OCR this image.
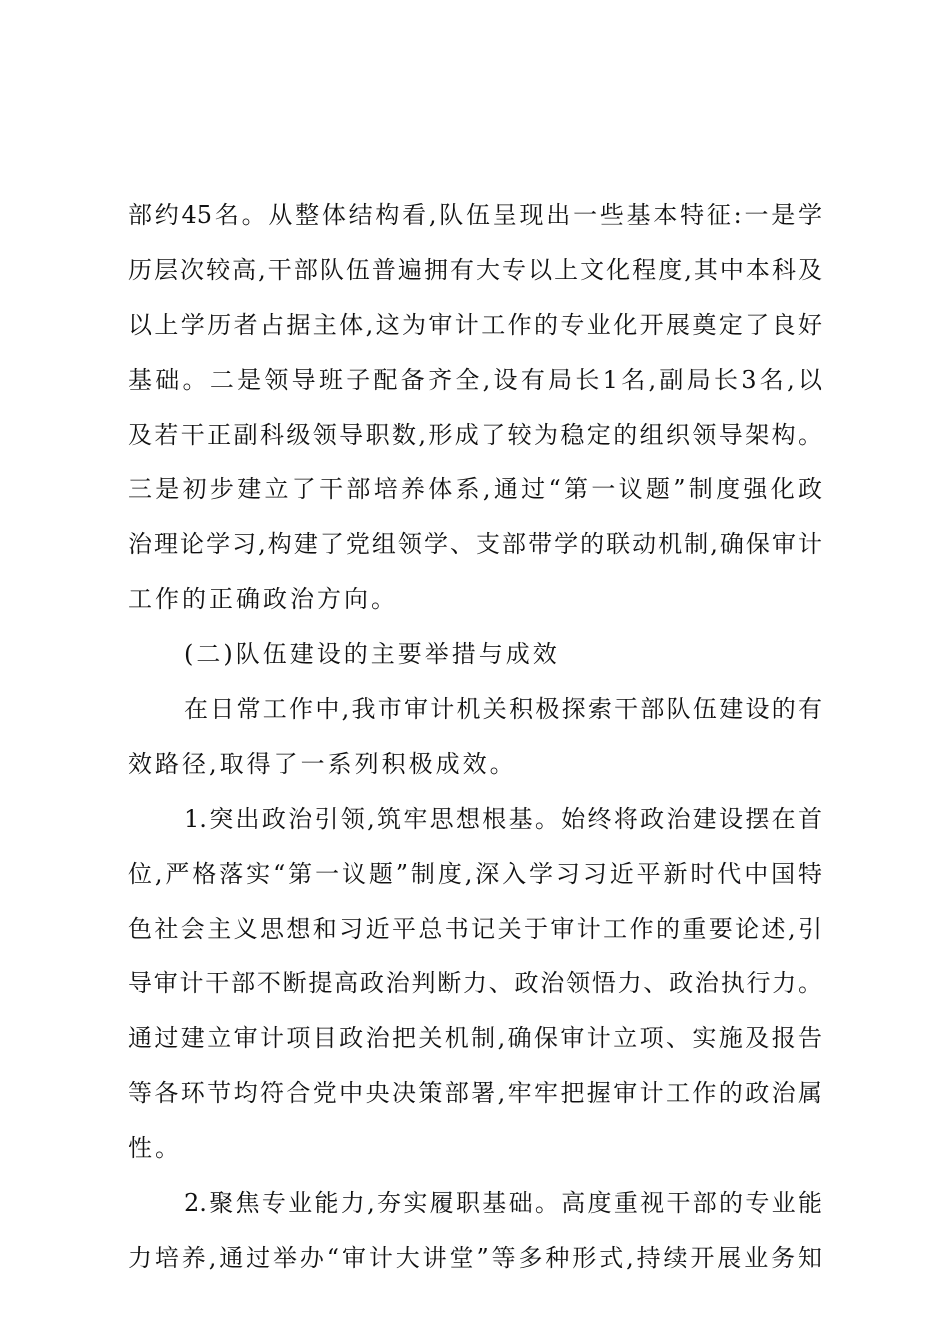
部约45名。从整体结构看,队伍呈现出一些基本特征:一是学
历层次较高,干部队伍普遍拥有大专以上文化程度,其中本科及
以上学历者占据主体,这为审计工作的专业化开展奠定了良好
基础。二是领导班子配备齐全,设有局长1名,副局长3名,以
及若干正副科级领导职数,形成了较为稳定的组织领导架构。
三是初步建立了干部培养体系,通过“第一议题”制度强化政
治理论学习,构建了党组领学、支部带学的联动机制,确保审计
工作的正确政治方向。
(二)队伍建设的主要举措与成效
在日常工作中,我市审计机关积极探索干部队伍建设的有
效路径,取得了一系列积极成效。
1.突出政治引领,筑牢思想根基。始终将政治建设摆在首
位,严格落实“第一议题”制度,深入学习习近平新时代中国特
色社会主义思想和习近平总书记关于审计工作的重要论述,引
导审计干部不断提高政治判断力、政治领悟力、政治执行力。
通过建立审计项目政治把关机制,确保审计立项、实施及报告
等各环节均符合党中央决策部署,牢牢把握审计工作的政治属
性。
2.聚焦专业能力,夯实履职基础。高度重视干部的专业能
力培养,通过举办“审计大讲堂”等多种形式,持续开展业务知
